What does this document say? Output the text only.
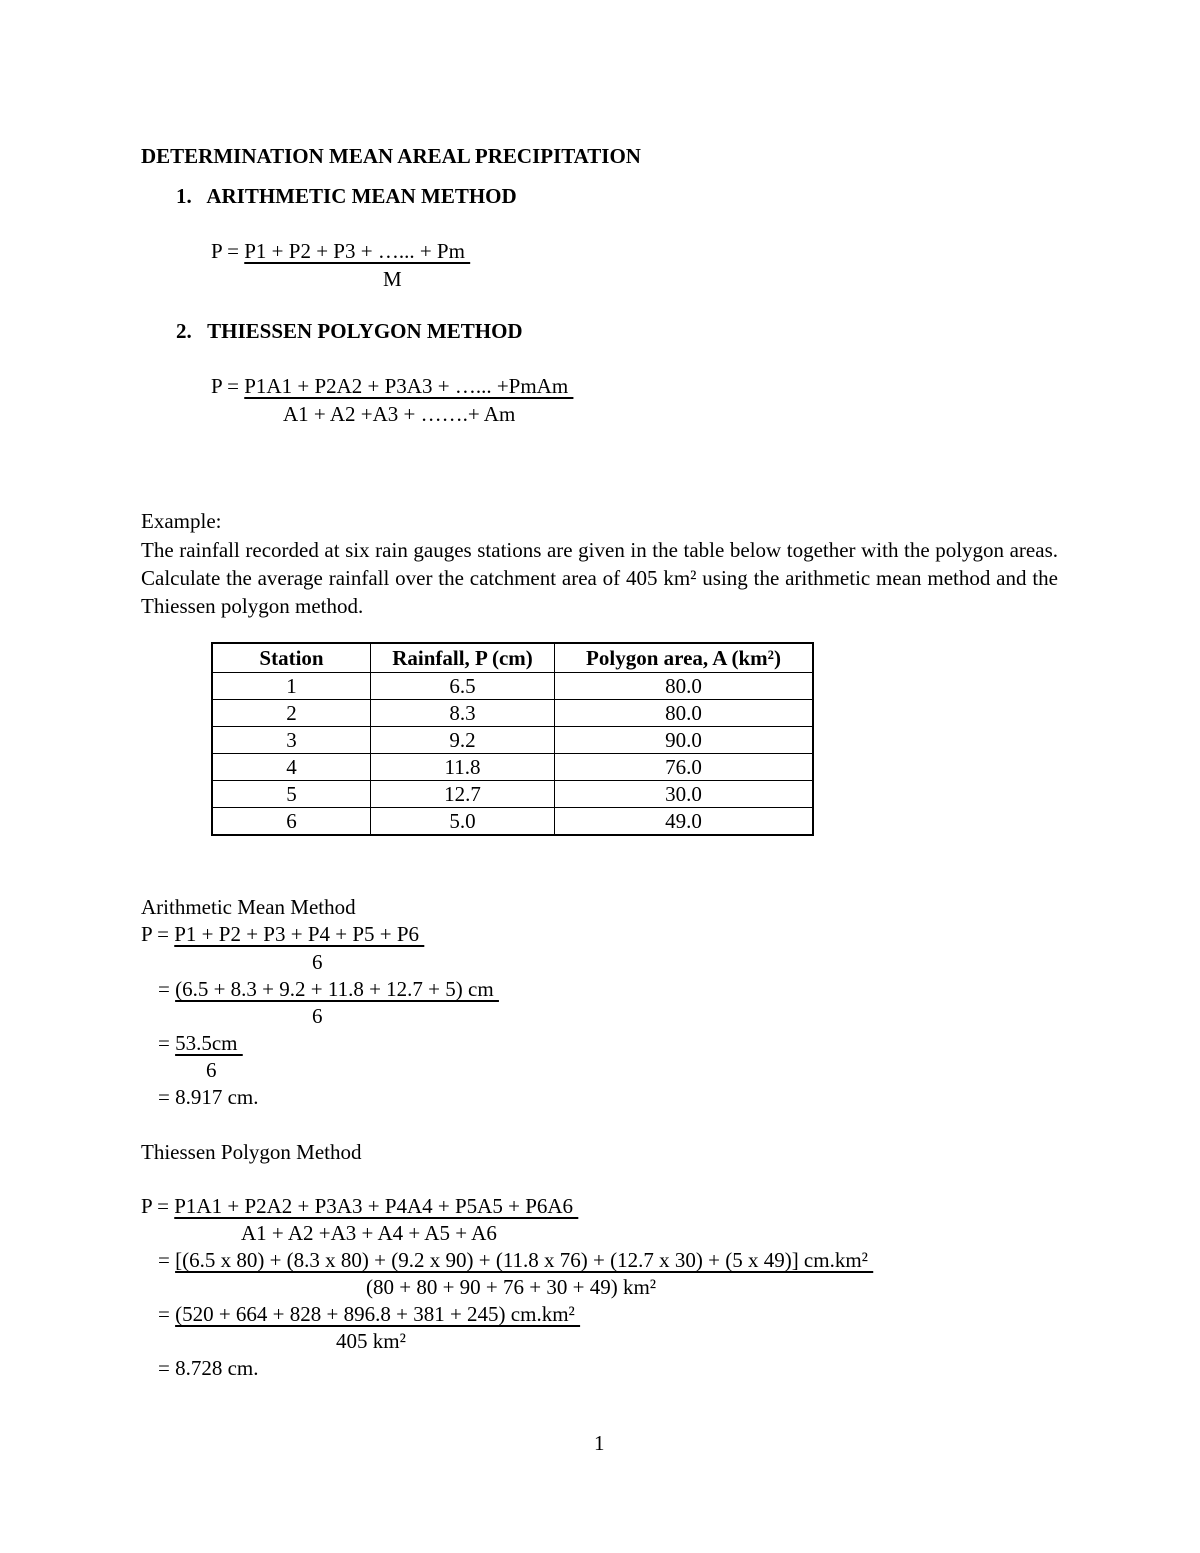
DETERMINATION MEAN AREAL PRECIPITATION
1.   ARITHMETIC MEAN METHOD
P = P1 + P2 + P3 + …... + Pm
M
2.   THIESSEN POLYGON METHOD
P = P1A1 + P2A2 + P3A3 + …... +PmAm
A1 + A2 +A3 + …….+ Am
Example:
The rainfall recorded at six rain gauges stations are given in the table below together with the polygon areas. Calculate the average rainfall over the catchment area of 405 km² using the arithmetic mean method and the Thiessen polygon method.
Station	Rainfall, P (cm)	Polygon area, A (km²)
1	6.5	80.0
2	8.3	80.0
3	9.2	90.0
4	11.8	76.0
5	12.7	30.0
6	5.0	49.0
Arithmetic Mean Method
P = P1 + P2 + P3 + P4 + P5 + P6
6
= (6.5 + 8.3 + 9.2 + 11.8 + 12.7 + 5) cm
6
= 53.5cm
6
= 8.917 cm.
Thiessen Polygon Method
P = P1A1 + P2A2 + P3A3 + P4A4 + P5A5 + P6A6
A1 + A2 +A3 + A4 + A5 + A6
= [(6.5 x 80) + (8.3 x 80) + (9.2 x 90) + (11.8 x 76) + (12.7 x 30) + (5 x 49)] cm.km²
(80 + 80 + 90 + 76 + 30 + 49) km²
= (520 + 664 + 828 + 896.8 + 381 + 245) cm.km²
405 km²
= 8.728 cm.
1
